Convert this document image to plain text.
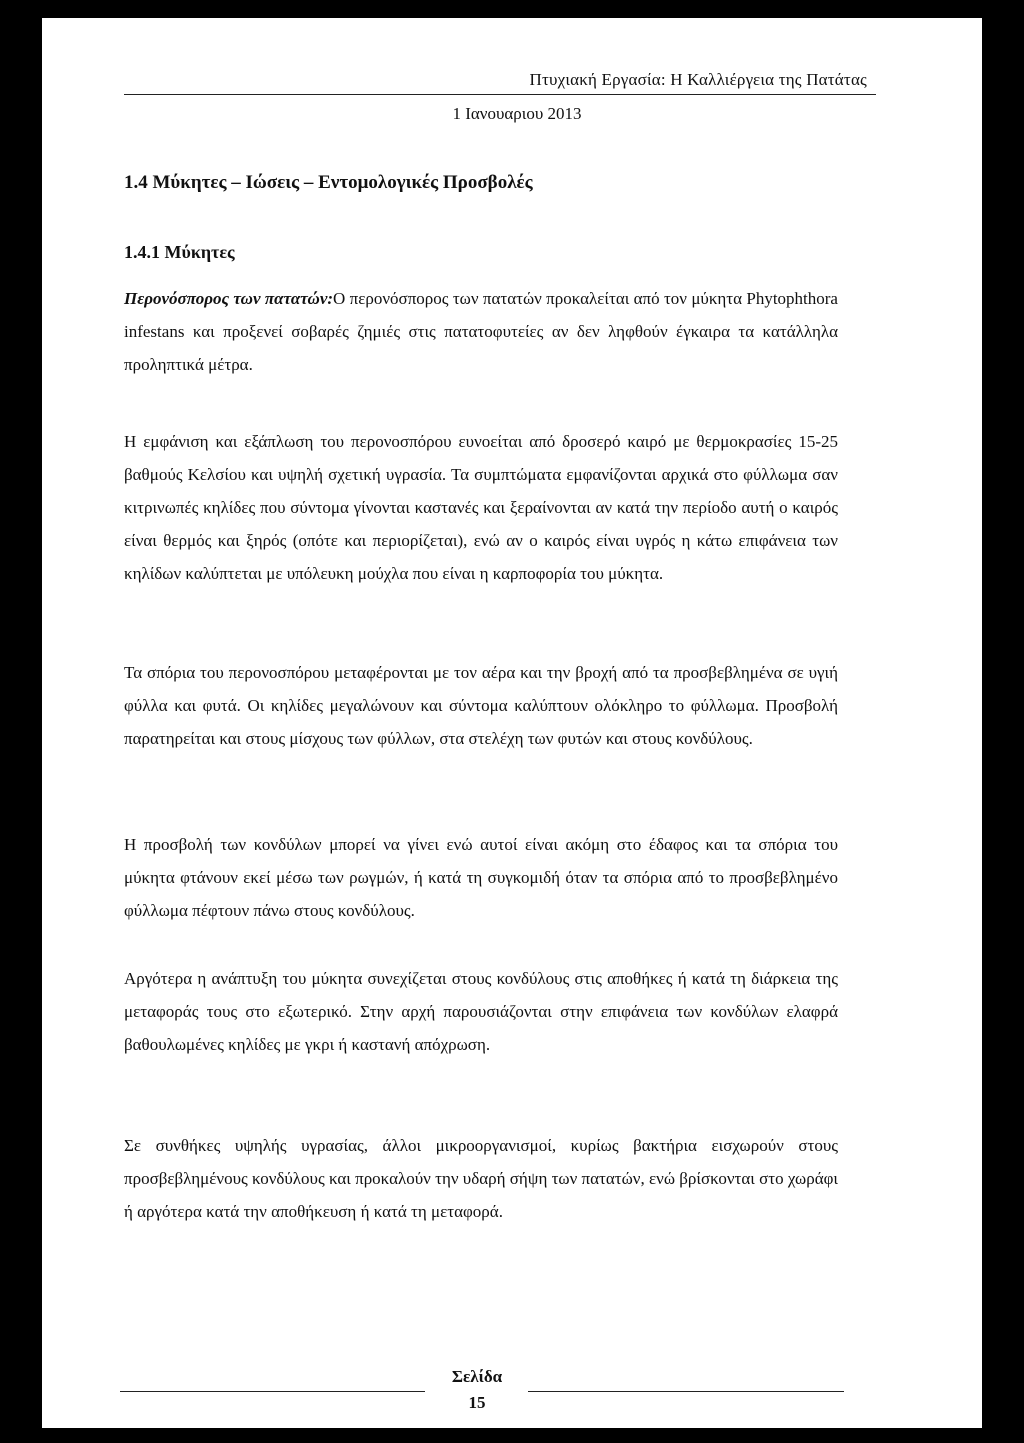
Πτυχιακή Εργασία: Η Καλλιέργεια της Πατάτας
1 Ιανουαριου 2013
1.4 Μύκητες – Ιώσεις – Εντομολογικές Προσβολές
1.4.1 Μύκητες
Περονόσπορος των πατατών:Ο περονόσπορος των πατατών προκαλείται από τον μύκητα Phytophthora infestans και προξενεί σοβαρές ζημιές στις πατατοφυτείες αν δεν ληφθούν έγκαιρα τα κατάλληλα προληπτικά μέτρα.
Η εμφάνιση και εξάπλωση του περονοσπόρου ευνοείται από δροσερό καιρό με θερμοκρασίες 15-25 βαθμούς Κελσίου και υψηλή σχετική υγρασία. Τα συμπτώματα εμφανίζονται αρχικά στο φύλλωμα σαν κιτρινωπές κηλίδες που σύντομα γίνονται καστανές και ξεραίνονται αν κατά την περίοδο αυτή ο καιρός είναι θερμός και ξηρός (οπότε και περιορίζεται), ενώ αν ο καιρός είναι υγρός η κάτω επιφάνεια των κηλίδων καλύπτεται με υπόλευκη μούχλα που είναι η καρποφορία του μύκητα.
Τα σπόρια του περονοσπόρου μεταφέρονται με τον αέρα και την βροχή από τα προσβεβλημένα σε υγιή φύλλα και φυτά. Οι κηλίδες μεγαλώνουν και σύντομα καλύπτουν ολόκληρο το φύλλωμα. Προσβολή παρατηρείται και στους μίσχους των φύλλων, στα στελέχη των φυτών και στους κονδύλους.
Η προσβολή των κονδύλων μπορεί να γίνει ενώ αυτοί είναι ακόμη στο έδαφος και τα σπόρια του μύκητα φτάνουν εκεί μέσω των ρωγμών, ή κατά τη συγκομιδή όταν τα σπόρια από το προσβεβλημένο φύλλωμα πέφτουν πάνω στους κονδύλους.
Αργότερα η ανάπτυξη του μύκητα συνεχίζεται στους κονδύλους στις αποθήκες ή κατά τη διάρκεια της μεταφοράς τους στο εξωτερικό. Στην αρχή παρουσιάζονται στην επιφάνεια των κονδύλων ελαφρά βαθουλωμένες κηλίδες με γκρι ή καστανή απόχρωση.
Σε συνθήκες υψηλής υγρασίας, άλλοι μικροοργανισμοί, κυρίως βακτήρια εισχωρούν στους προσβεβλημένους κονδύλους και προκαλούν την υδαρή σήψη των πατατών, ενώ βρίσκονται στο χωράφι ή αργότερα κατά την αποθήκευση ή κατά τη μεταφορά.
Σελίδα
15
